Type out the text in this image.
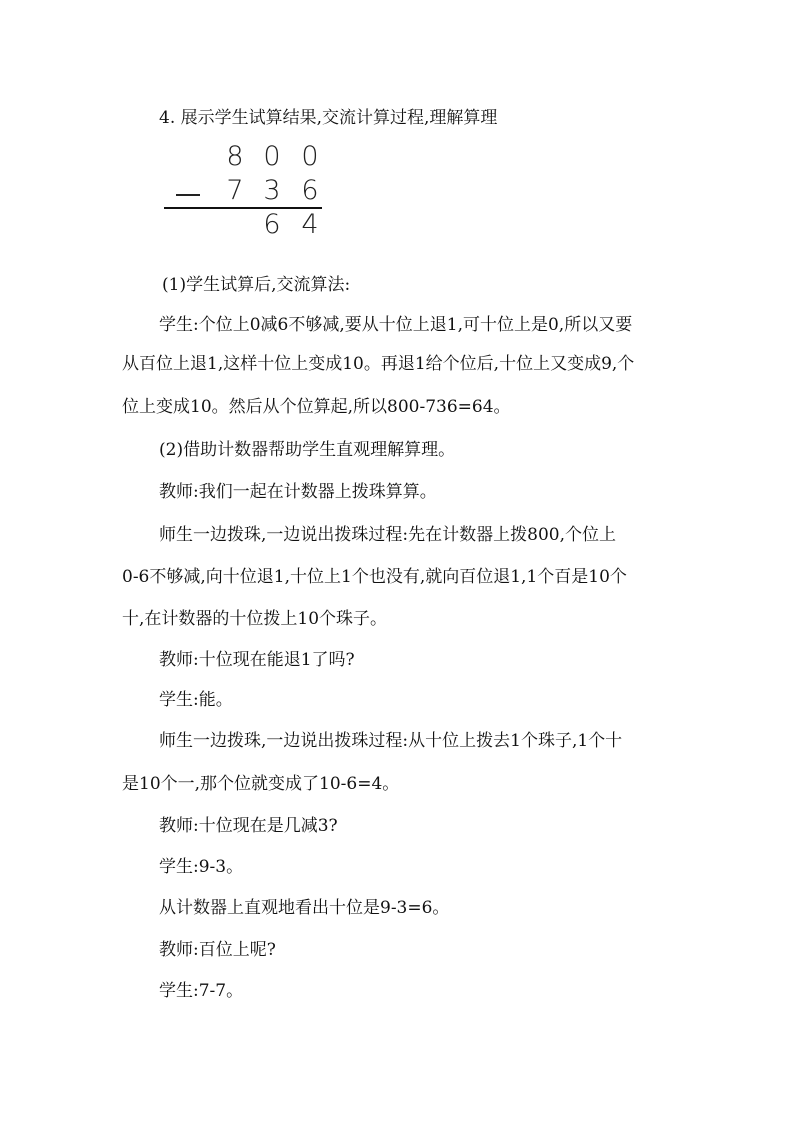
4. 展示学生试算结果,交流计算过程,理解算理
8 0 0
7 3 6
6 4
(1)学生试算后,交流算法:
学生:个位上0减6不够减,要从十位上退1,可十位上是0,所以又要
从百位上退1,这样十位上变成10。再退1给个位后,十位上又变成9,个
位上变成10。然后从个位算起,所以800-736=64。
(2)借助计数器帮助学生直观理解算理。
教师:我们一起在计数器上拨珠算算。
师生一边拨珠,一边说出拨珠过程:先在计数器上拨800,个位上
0-6不够减,向十位退1,十位上1个也没有,就向百位退1,1个百是10个
十,在计数器的十位拨上10个珠子。
教师:十位现在能退1了吗?
学生:能。
师生一边拨珠,一边说出拨珠过程:从十位上拨去1个珠子,1个十
是10个一,那个位就变成了10-6=4。
教师:十位现在是几减3?
学生:9-3。
从计数器上直观地看出十位是9-3=6。
教师:百位上呢?
学生:7-7。
